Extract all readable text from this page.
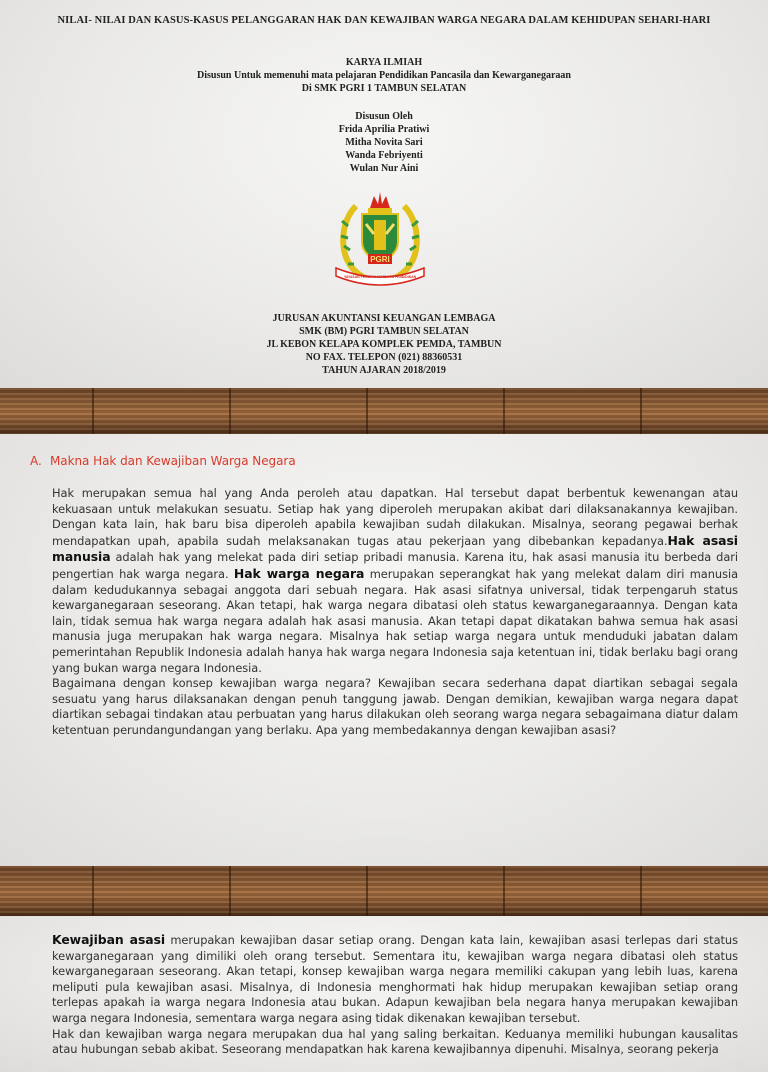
NILAI- NILAI DAN KASUS-KASUS PELANGGARAN HAK DAN KEWAJIBAN WARGA NEGARA DALAM KEHIDUPAN SEHARI-HARI
KARYA ILMIAH
Disusun Untuk memenuhi mata pelajaran Pendidikan Pancasila dan Kewarganegaraan
Di SMK PGRI 1 TAMBUN SELATAN
Disusun Oleh
Frida Aprilia Pratiwi
Mitha Novita Sari
Wanda Febriyenti
Wulan Nur Aini
PGRI
YAYASAN PEMBINA LEMBAGA PENDIDIKAN
JURUSAN AKUNTANSI KEUANGAN LEMBAGA
SMK (BM) PGRI TAMBUN SELATAN
JL KEBON KELAPA KOMPLEK PEMDA, TAMBUN
NO FAX. TELEPON (021) 88360531
TAHUN AJARAN 2018/2019
A. Makna Hak dan Kewajiban Warga Negara

Hak merupakan semua hal yang Anda peroleh atau dapatkan. Hal tersebut dapat berbentuk kewenangan atau kekuasaan untuk melakukan sesuatu. Setiap hak yang diperoleh merupakan akibat dari dilaksanakannya kewajiban. Dengan kata lain, hak baru bisa diperoleh apabila kewajiban sudah dilakukan. Misalnya, seorang pegawai berhak mendapatkan upah, apabila sudah melaksanakan tugas atau pekerjaan yang dibebankan kepadanya.Hak asasi manusia adalah hak yang melekat pada diri setiap pribadi manusia. Karena itu, hak asasi manusia itu berbeda dari pengertian hak warga negara. Hak warga negara merupakan seperangkat hak yang melekat dalam diri manusia dalam kedudukannya sebagai anggota dari sebuah negara. Hak asasi sifatnya universal, tidak terpengaruh status kewarganegaraan seseorang. Akan tetapi, hak warga negara dibatasi oleh status kewarganegaraannya. Dengan kata lain, tidak semua hak warga negara adalah hak asasi manusia. Akan tetapi dapat dikatakan bahwa semua hak asasi manusia juga merupakan hak warga negara. Misalnya hak setiap warga negara untuk menduduki jabatan dalam pemerintahan Republik Indonesia adalah hanya hak warga negara Indonesia saja ketentuan ini, tidak berlaku bagi orang yang bukan warga negara Indonesia.

Bagaimana dengan konsep kewajiban warga negara? Kewajiban secara sederhana dapat diartikan sebagai segala sesuatu yang harus dilaksanakan dengan penuh tanggung jawab. Dengan demikian, kewajiban warga negara dapat diartikan sebagai tindakan atau perbuatan yang harus dilakukan oleh seorang warga negara sebagaimana diatur dalam ketentuan perundangundangan yang berlaku. Apa yang membedakannya dengan kewajiban asasi?

Kewajiban asasi merupakan kewajiban dasar setiap orang. Dengan kata lain, kewajiban asasi terlepas dari status kewarganegaraan yang dimiliki oleh orang tersebut. Sementara itu, kewajiban warga negara dibatasi oleh status kewarganegaraan seseorang. Akan tetapi, konsep kewajiban warga negara memiliki cakupan yang lebih luas, karena meliputi pula kewajiban asasi. Misalnya, di Indonesia menghormati hak hidup merupakan kewajiban setiap orang terlepas apakah ia warga negara Indonesia atau bukan. Adapun kewajiban bela negara hanya merupakan kewajiban warga negara Indonesia, sementara warga negara asing tidak dikenakan kewajiban tersebut.

Hak dan kewajiban warga negara merupakan dua hal yang saling berkaitan. Keduanya memiliki hubungan kausalitas atau hubungan sebab akibat. Seseorang mendapatkan hak karena kewajibannya dipenuhi. Misalnya, seorang pekerja
